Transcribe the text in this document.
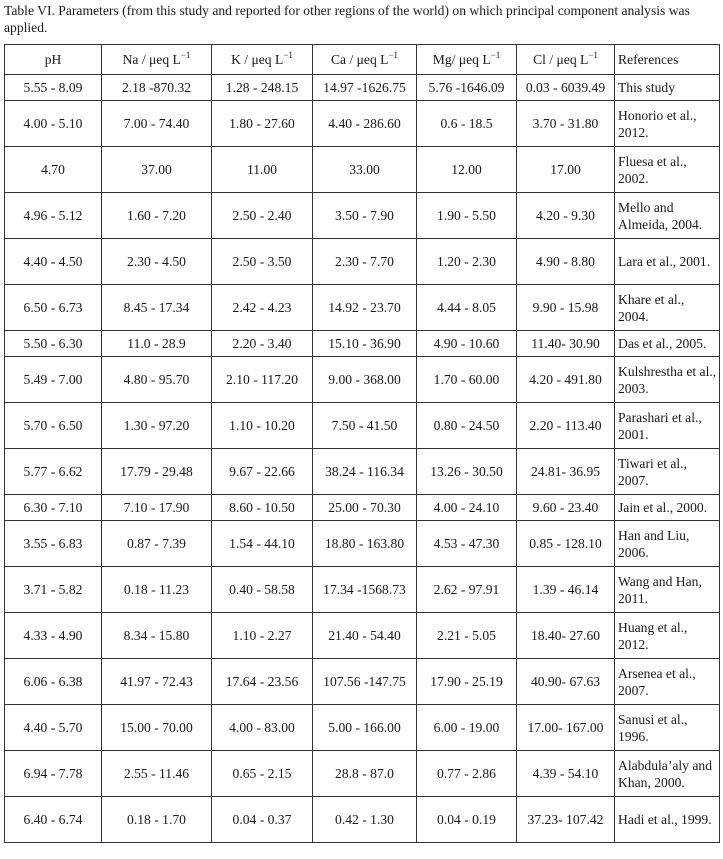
Table VI. Parameters (from this study and reported for other regions of the world) on which principal component analysis was applied.
pH	Na / μeq $L^{-1}$	K / μeq $L^{-1}$	Ca / μeq $L^{-1}$	Mg/ μeq $L^{-1}$	Cl / μeq $L^{-1}$	References
5.55 - 8.09	2.18 -870.32	1.28 - 248.15	14.97 -1626.75	5.76 -1646.09	0.03 - 6039.49	This study
4.00 - 5.10	7.00 - 74.40	1.80 - 27.60	4.40 - 286.60	0.6 - 18.5	3.70 - 31.80	Honorio et al., 2012.
4.70	37.00	11.00	33.00	12.00	17.00	Fluesa et al., 2002.
4.96 - 5.12	1.60 - 7.20	2.50 - 2.40	3.50 - 7.90	1.90 - 5.50	4.20 - 9.30	Mello and Almeida, 2004.
4.40 - 4.50	2.30 - 4.50	2.50 - 3.50	2.30 - 7.70	1.20 - 2.30	4.90 - 8.80	Lara et al., 2001.
6.50 - 6.73	8.45 - 17.34	2.42 - 4.23	14.92 - 23.70	4.44 - 8.05	9.90 - 15.98	Khare et al., 2004.
5.50 - 6.30	11.0 - 28.9	2.20 - 3.40	15.10 - 36.90	4.90 - 10.60	11.40- 30.90	Das et al., 2005.
5.49 - 7.00	4.80 - 95.70	2.10 - 117.20	9.00 - 368.00	1.70 - 60.00	4.20 - 491.80	Kulshrestha et al., 2003.
5.70 - 6.50	1.30 - 97.20	1.10 - 10.20	7.50 - 41.50	0.80 - 24.50	2.20 - 113.40	Parashari et al., 2001.
5.77 - 6.62	17.79 - 29.48	9.67 - 22.66	38.24 - 116.34	13.26 - 30.50	24.81- 36.95	Tiwari et al., 2007.
6.30 - 7.10	7.10 - 17.90	8.60 - 10.50	25.00 - 70.30	4.00 - 24.10	9.60 - 23.40	Jain et al., 2000.
3.55 - 6.83	0.87 - 7.39	1.54 - 44.10	18.80 - 163.80	4.53 - 47.30	0.85 - 128.10	Han and Liu, 2006.
3.71 - 5.82	0.18 - 11.23	0.40 - 58.58	17.34 -1568.73	2.62 - 97.91	1.39 - 46.14	Wang and Han, 2011.
4.33 - 4.90	8.34 - 15.80	1.10 - 2.27	21.40 - 54.40	2.21 - 5.05	18.40- 27.60	Huang et al., 2012.
6.06 - 6.38	41.97 - 72.43	17.64 - 23.56	107.56 -147.75	17.90 - 25.19	40.90- 67.63	Arsenea et al., 2007.
4.40 - 5.70	15.00 - 70.00	4.00 - 83.00	5.00 - 166.00	6.00 - 19.00	17.00- 167.00	Sanusi et al., 1996.
6.94 - 7.78	2.55 - 11.46	0.65 - 2.15	28.8 - 87.0	0.77 - 2.86	4.39 - 54.10	Alabdula’aly and Khan, 2000.
6.40 - 6.74	0.18 - 1.70	0.04 - 0.37	0.42 - 1.30	0.04 - 0.19	37.23- 107.42	Hadi et al., 1999.
